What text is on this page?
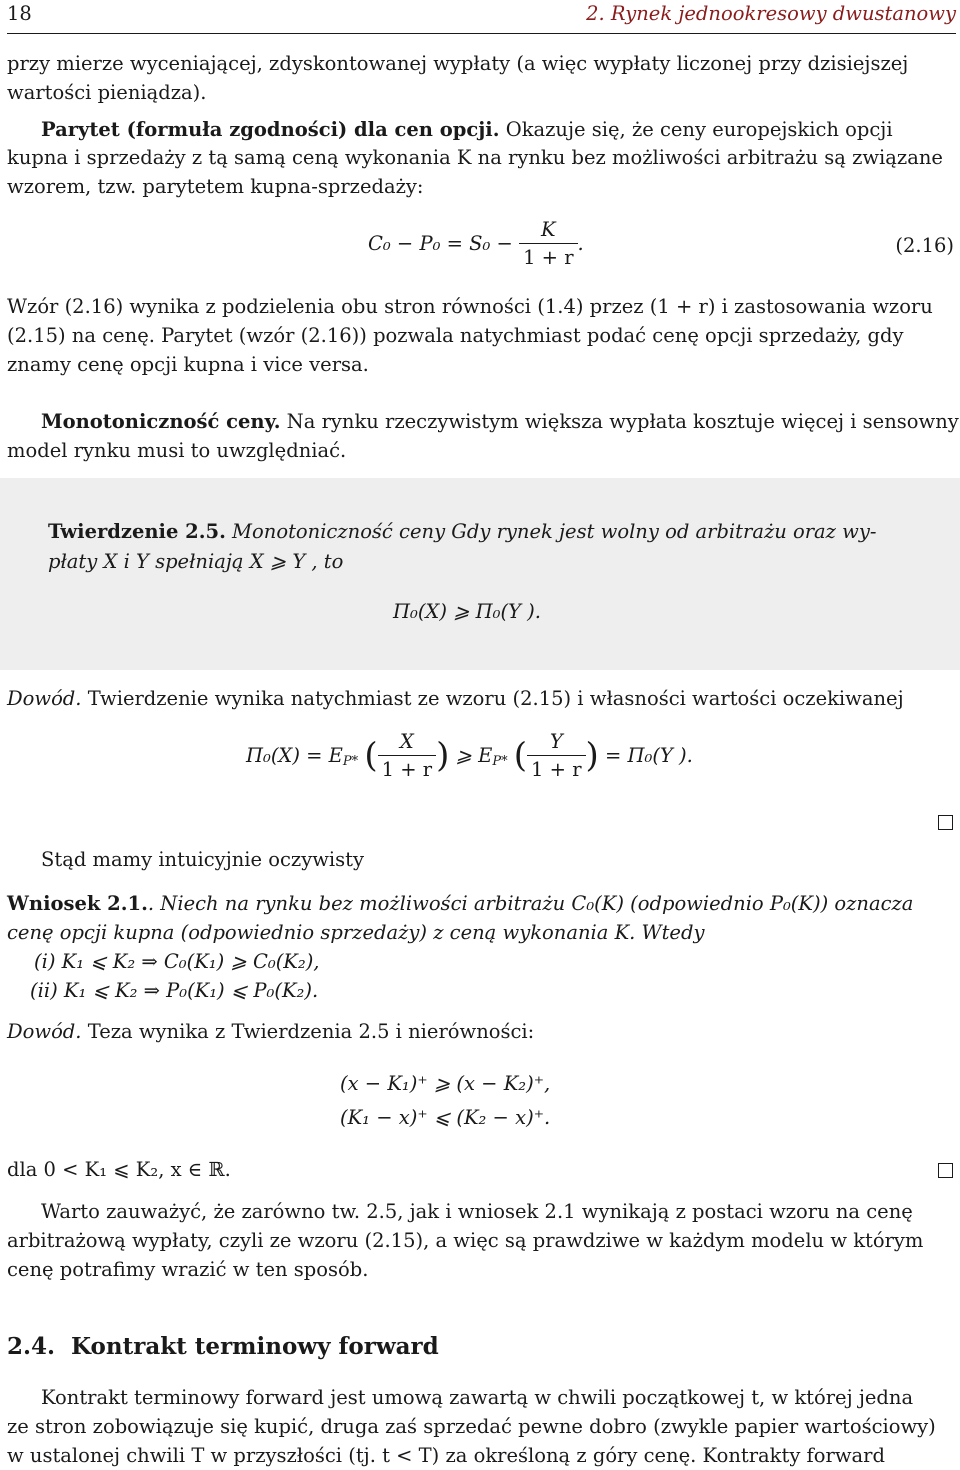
18	2. Rynek jednookresowy dwustanowy
przy mierze wyceniającej, zdyskontowanej wypłaty (a więc wypłaty liczonej przy dzisiejszej
wartości pieniądza).
Parytet (formuła zgodności) dla cen opcji. Okazuje się, że ceny europejskich opcji
kupna i sprzedaży z tą samą ceną wykonania K na rynku bez możliwości arbitrażu są związane
wzorem, tzw. parytetem kupna-sprzedaży:
$C_0 - P_0 = S_0 - \frac{K}{1 + r}$ .	(2.16)
Wzór (2.16) wynika z podzielenia obu stron równości (1.4) przez (1 + r) i zastosowania wzoru
(2.15) na cenę. Parytet (wzór (2.16)) pozwala natychmiast podać cenę opcji sprzedaży, gdy
znamy cenę opcji kupna i vice versa.
Monotoniczność ceny. Na rynku rzeczywistym większa wypłata kosztuje więcej i sensowny
model rynku musi to uwzględniać.
Twierdzenie 2.5. Monotoniczność ceny Gdy rynek jest wolny od arbitrażu oraz wy-
płaty X i Y spełniają X ⩾ Y , to
Π₀(X) ⩾ Π₀(Y ).
Dowód. Twierdzenie wynika natychmiast ze wzoru (2.15) i własności wartości oczekiwanej
$\Pi_0(X) = E_{P*}$ ( $\frac{X}{1 + r}$ ) ⩾ $E_{P*}$ ( $\frac{Y}{1 + r}$ ) = Π₀(Y ).
Stąd mamy intuicyjnie oczywisty
Wniosek 2.1.. Niech na rynku bez możliwości arbitrażu C₀(K) (odpowiednio P₀(K)) oznacza
cenę opcji kupna (odpowiednio sprzedaży) z ceną wykonania K. Wtedy
(i) K₁ ⩽ K₂ ⇒ C₀(K₁) ⩾ C₀(K₂),
(ii) K₁ ⩽ K₂ ⇒ P₀(K₁) ⩽ P₀(K₂).
Dowód. Teza wynika z Twierdzenia 2.5 i nierówności:
(x − K₁)⁺ ⩾ (x − K₂)⁺,
(K₁ − x)⁺ ⩽ (K₂ − x)⁺.
dla 0 < K₁ ⩽ K₂, x ∈ ℝ.
Warto zauważyć, że zarówno tw. 2.5, jak i wniosek 2.1 wynikają z postaci wzoru na cenę
arbitrażową wypłaty, czyli ze wzoru (2.15), a więc są prawdziwe w każdym modelu w którym
cenę potrafimy wrazić w ten sposób.
2.4. Kontrakt terminowy forward
Kontrakt terminowy forward jest umową zawartą w chwili początkowej t, w której jedna
ze stron zobowiązuje się kupić, druga zaś sprzedać pewne dobro (zwykle papier wartościowy)
w ustalonej chwili T w przyszłości (tj. t < T) za określoną z góry cenę. Kontrakty forward
